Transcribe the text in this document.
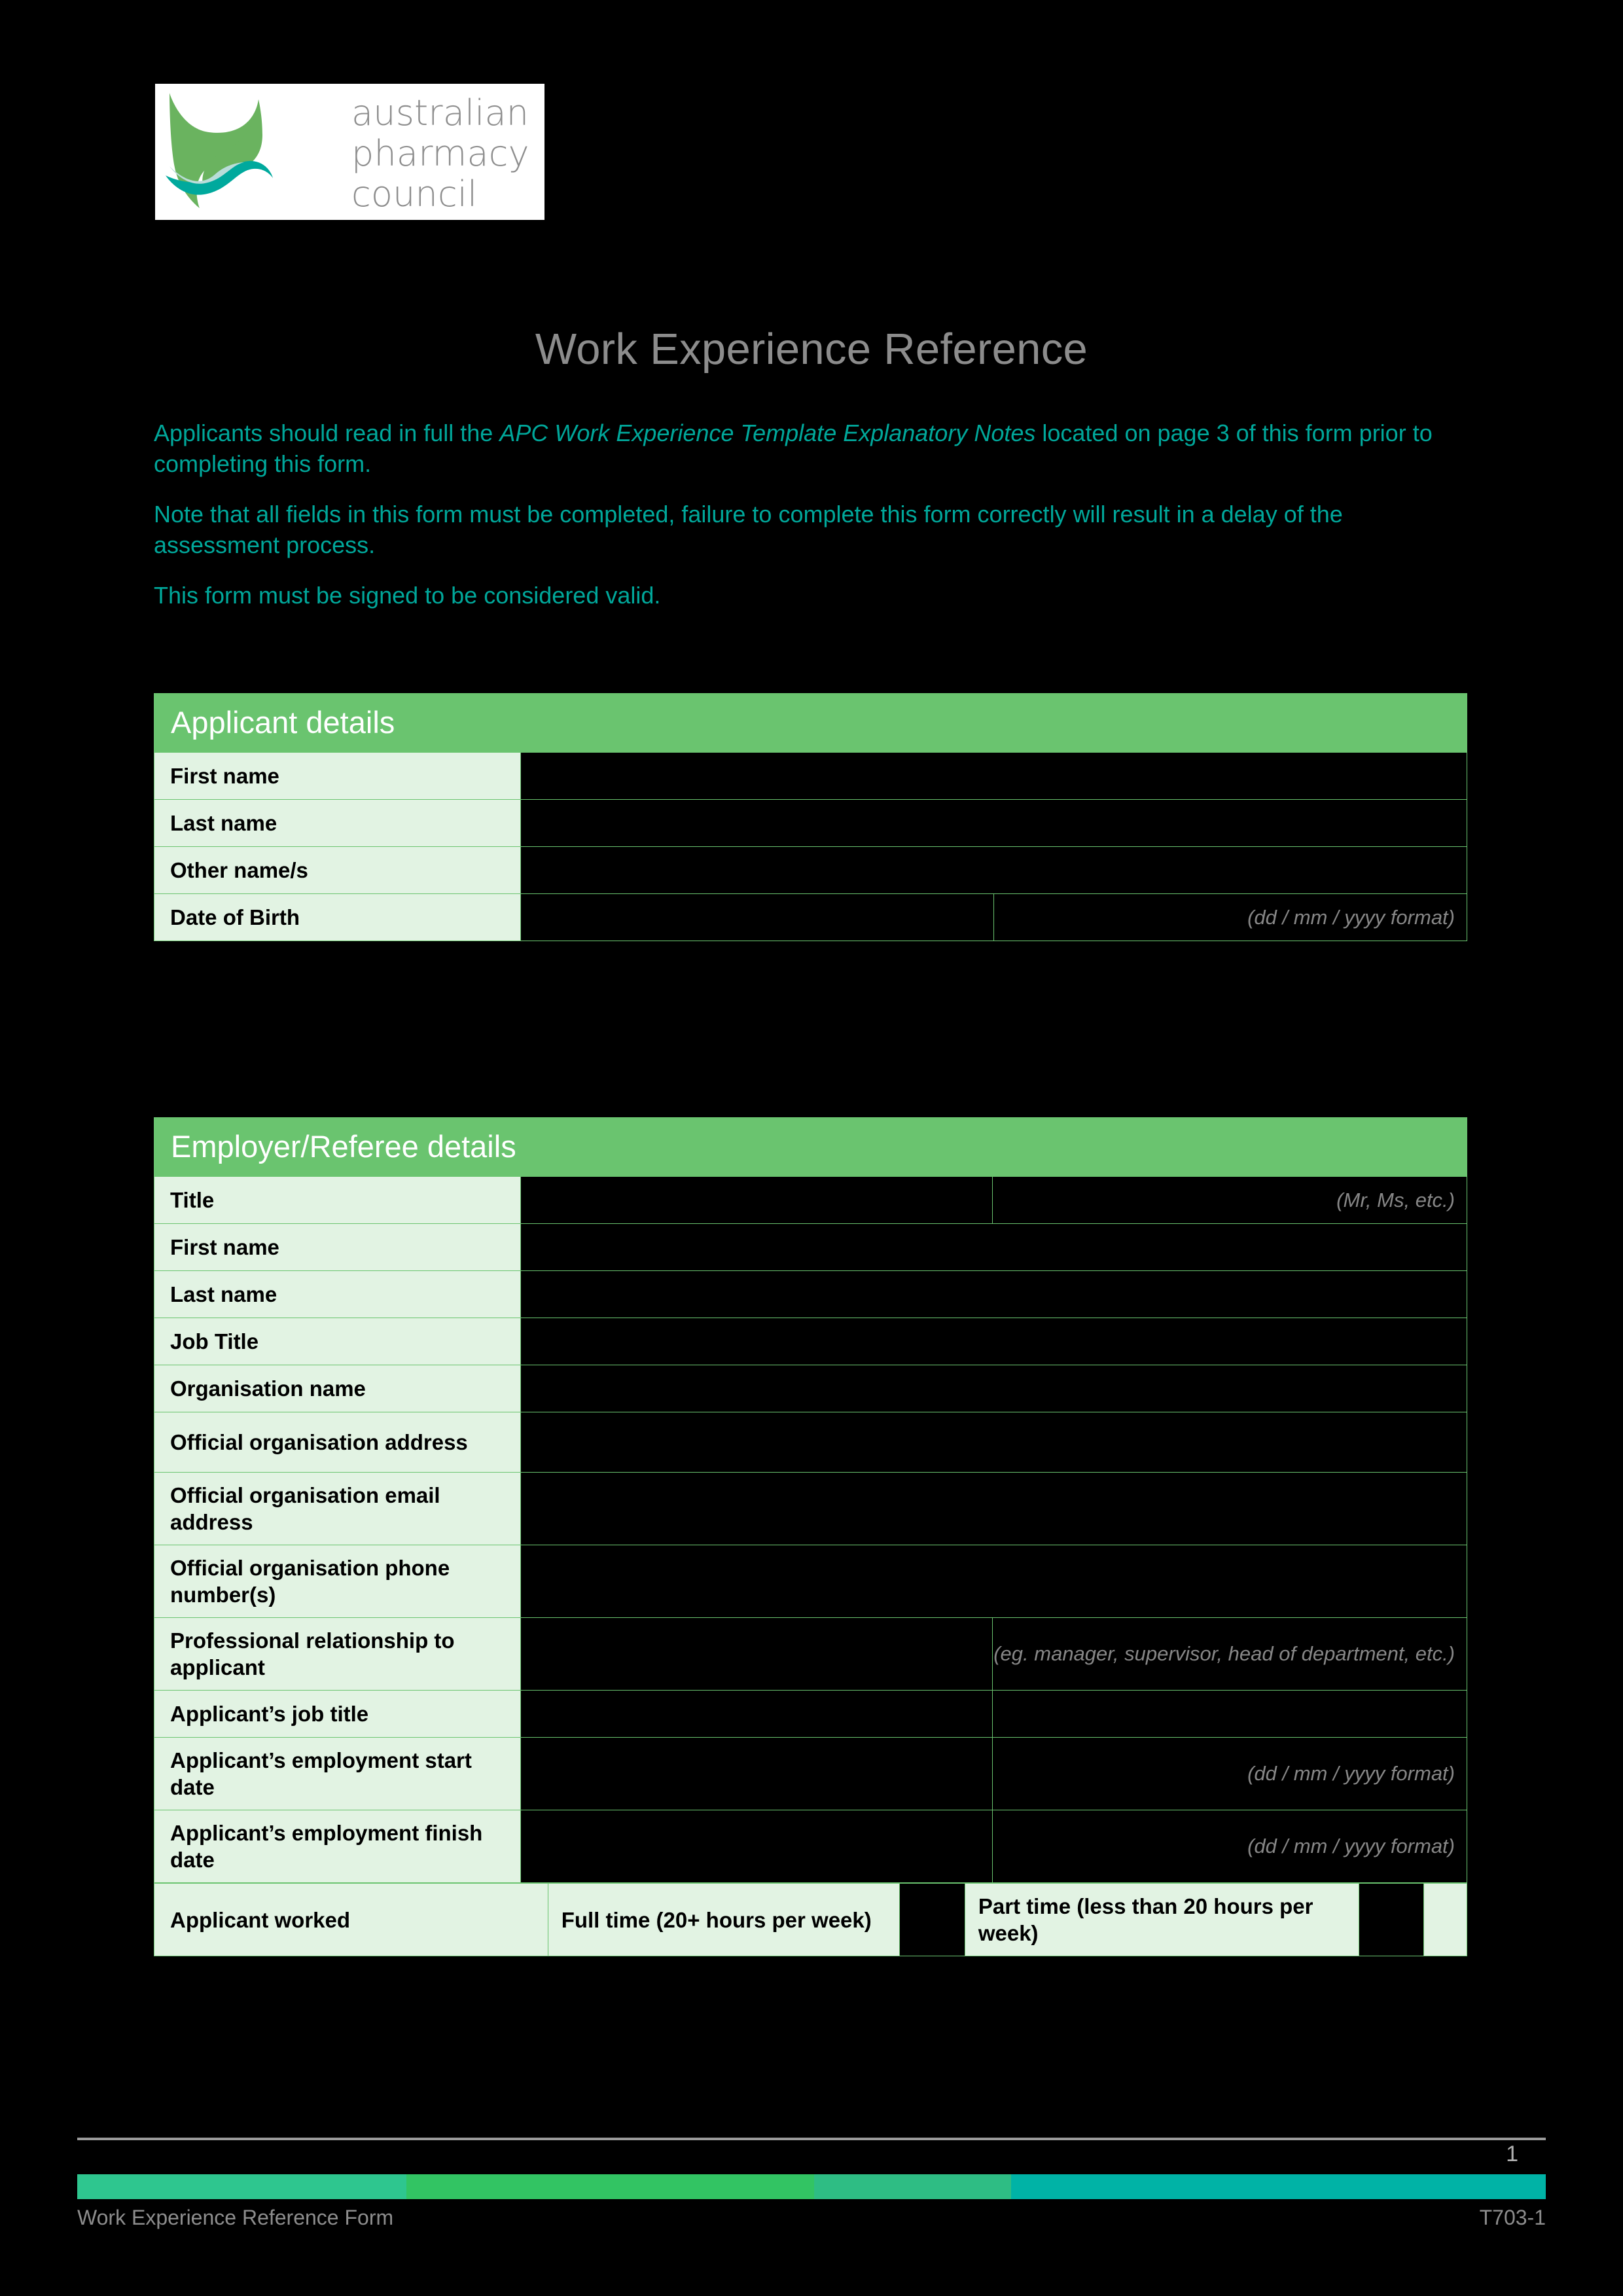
australian
pharmacy
council
Work Experience Reference

Applicants should read in full the APC Work Experience Template Explanatory Notes located on page 3 of this form prior to completing this form.

Note that all fields in this form must be completed, failure to complete this form correctly will result in a delay of the assessment process.

This form must be signed to be considered valid.

Applicant details
First name		
Last name		
Other name/s		
Date of Birth		(dd / mm / yyyy format)
Employer/Referee details
Title		(Mr, Ms, etc.)
First name		
Last name		
Job Title		
Organisation name		
Official organisation address		
Official organisation email address		
Official organisation phone number(s)		
Professional relationship to applicant		(eg. manager, supervisor, head of department, etc.)
Applicant’s job title		
Applicant’s employment start date		(dd / mm / yyyy format)
Applicant’s employment finish date		(dd / mm / yyyy format)
Applicant worked	Full time (20+ hours per week)		Part time (less than 20 hours per week)		
1
Work Experience Reference Form	T703-1
